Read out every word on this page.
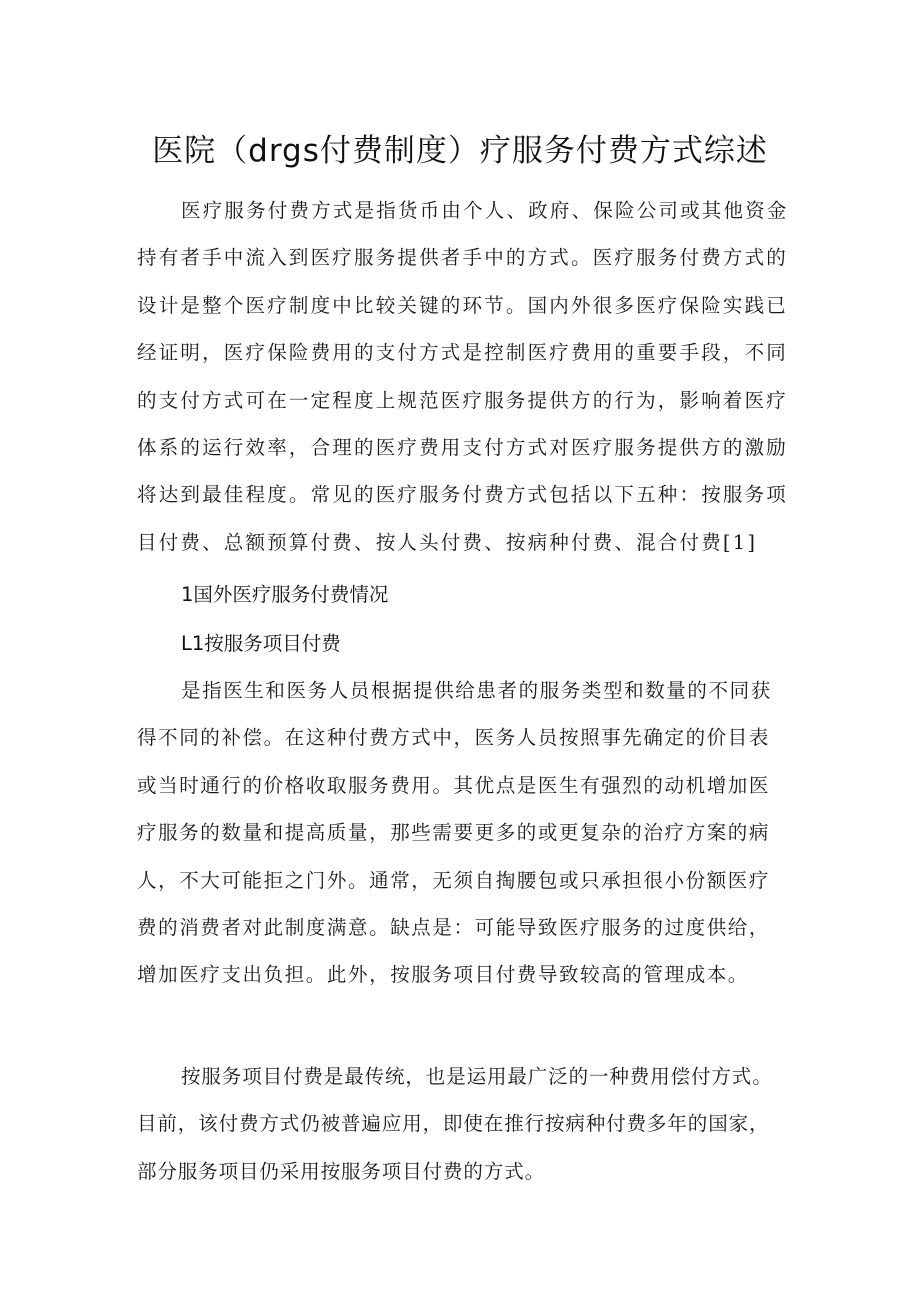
医院（drgs付费制度）疗服务付费方式综述
医疗服务付费方式是指货币由个人、政府、保险公司或其他资金
持有者手中流入到医疗服务提供者手中的方式。医疗服务付费方式的
设计是整个医疗制度中比较关键的环节。国内外很多医疗保险实践已
经证明，医疗保险费用的支付方式是控制医疗费用的重要手段，不同
的支付方式可在一定程度上规范医疗服务提供方的行为，影响着医疗
体系的运行效率，合理的医疗费用支付方式对医疗服务提供方的激励
将达到最佳程度。常见的医疗服务付费方式包括以下五种：按服务项
目付费、总额预算付费、按人头付费、按病种付费、混合付费[1]
1国外医疗服务付费情况
L1按服务项目付费
是指医生和医务人员根据提供给患者的服务类型和数量的不同获
得不同的补偿。在这种付费方式中，医务人员按照事先确定的价目表
或当时通行的价格收取服务费用。其优点是医生有强烈的动机增加医
疗服务的数量和提高质量，那些需要更多的或更复杂的治疗方案的病
人，不大可能拒之门外。通常，无须自掏腰包或只承担很小份额医疗
费的消费者对此制度满意。缺点是：可能导致医疗服务的过度供给，
增加医疗支出负担。此外，按服务项目付费导致较高的管理成本。
按服务项目付费是最传统，也是运用最广泛的一种费用偿付方式。
目前，该付费方式仍被普遍应用，即使在推行按病种付费多年的国家，
部分服务项目仍采用按服务项目付费的方式。
